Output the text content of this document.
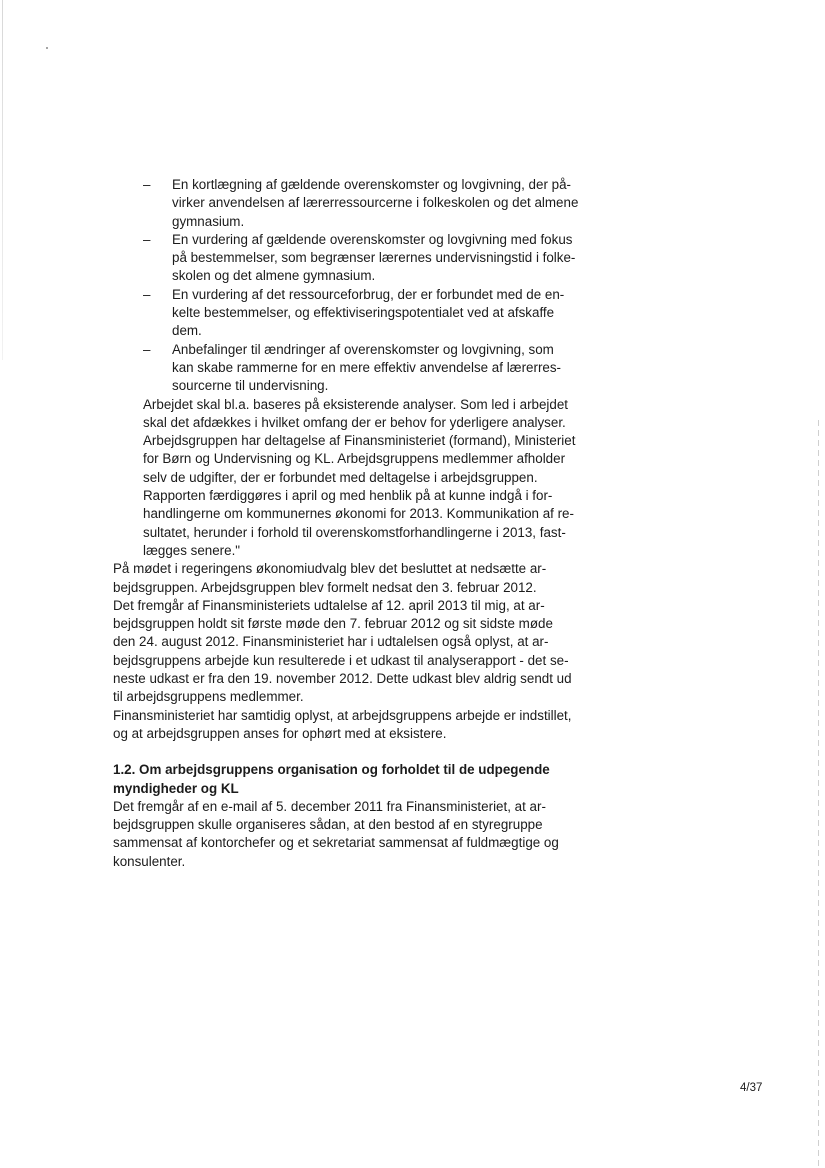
– En kortlægning af gældende overenskomster og lovgivning, der på-
virker anvendelsen af lærerressourcerne i folkeskolen og det almene
gymnasium.
– En vurdering af gældende overenskomster og lovgivning med fokus
på bestemmelser, som begrænser lærernes undervisningstid i folke-
skolen og det almene gymnasium.
– En vurdering af det ressourceforbrug, der er forbundet med de en-
kelte bestemmelser, og effektiviseringspotentialet ved at afskaffe
dem.
– Anbefalinger til ændringer af overenskomster og lovgivning, som
kan skabe rammerne for en mere effektiv anvendelse af lærerres-
sourcerne til undervisning.

Arbejdet skal bl.a. baseres på eksisterende analyser. Som led i arbejdet
skal det afdækkes i hvilket omfang der er behov for yderligere analyser.

Arbejdsgruppen har deltagelse af Finansministeriet (formand), Ministeriet
for Børn og Undervisning og KL. Arbejdsgruppens medlemmer afholder
selv de udgifter, der er forbundet med deltagelse i arbejdsgruppen.

Rapporten færdiggøres i april og med henblik på at kunne indgå i for-
handlingerne om kommunernes økonomi for 2013. Kommunikation af re-
sultatet, herunder i forhold til overenskomstforhandlingerne i 2013, fast-
lægges senere."

På mødet i regeringens økonomiudvalg blev det besluttet at nedsætte ar-
bejdsgruppen. Arbejdsgruppen blev formelt nedsat den 3. februar 2012.

Det fremgår af Finansministeriets udtalelse af 12. april 2013 til mig, at ar-
bejdsgruppen holdt sit første møde den 7. februar 2012 og sit sidste møde
den 24. august 2012. Finansministeriet har i udtalelsen også oplyst, at ar-
bejdsgruppens arbejde kun resulterede i et udkast til analyserapport - det se-
neste udkast er fra den 19. november 2012. Dette udkast blev aldrig sendt ud
til arbejdsgruppens medlemmer.

Finansministeriet har samtidig oplyst, at arbejdsgruppens arbejde er indstillet,
og at arbejdsgruppen anses for ophørt med at eksistere.

1.2. Om arbejdsgruppens organisation og forholdet til de udpegende
myndigheder og KL

Det fremgår af en e-mail af 5. december 2011 fra Finansministeriet, at ar-
bejdsgruppen skulle organiseres sådan, at den bestod af en styregruppe
sammensat af kontorchefer og et sekretariat sammensat af fuldmægtige og
konsulenter.

4/37
